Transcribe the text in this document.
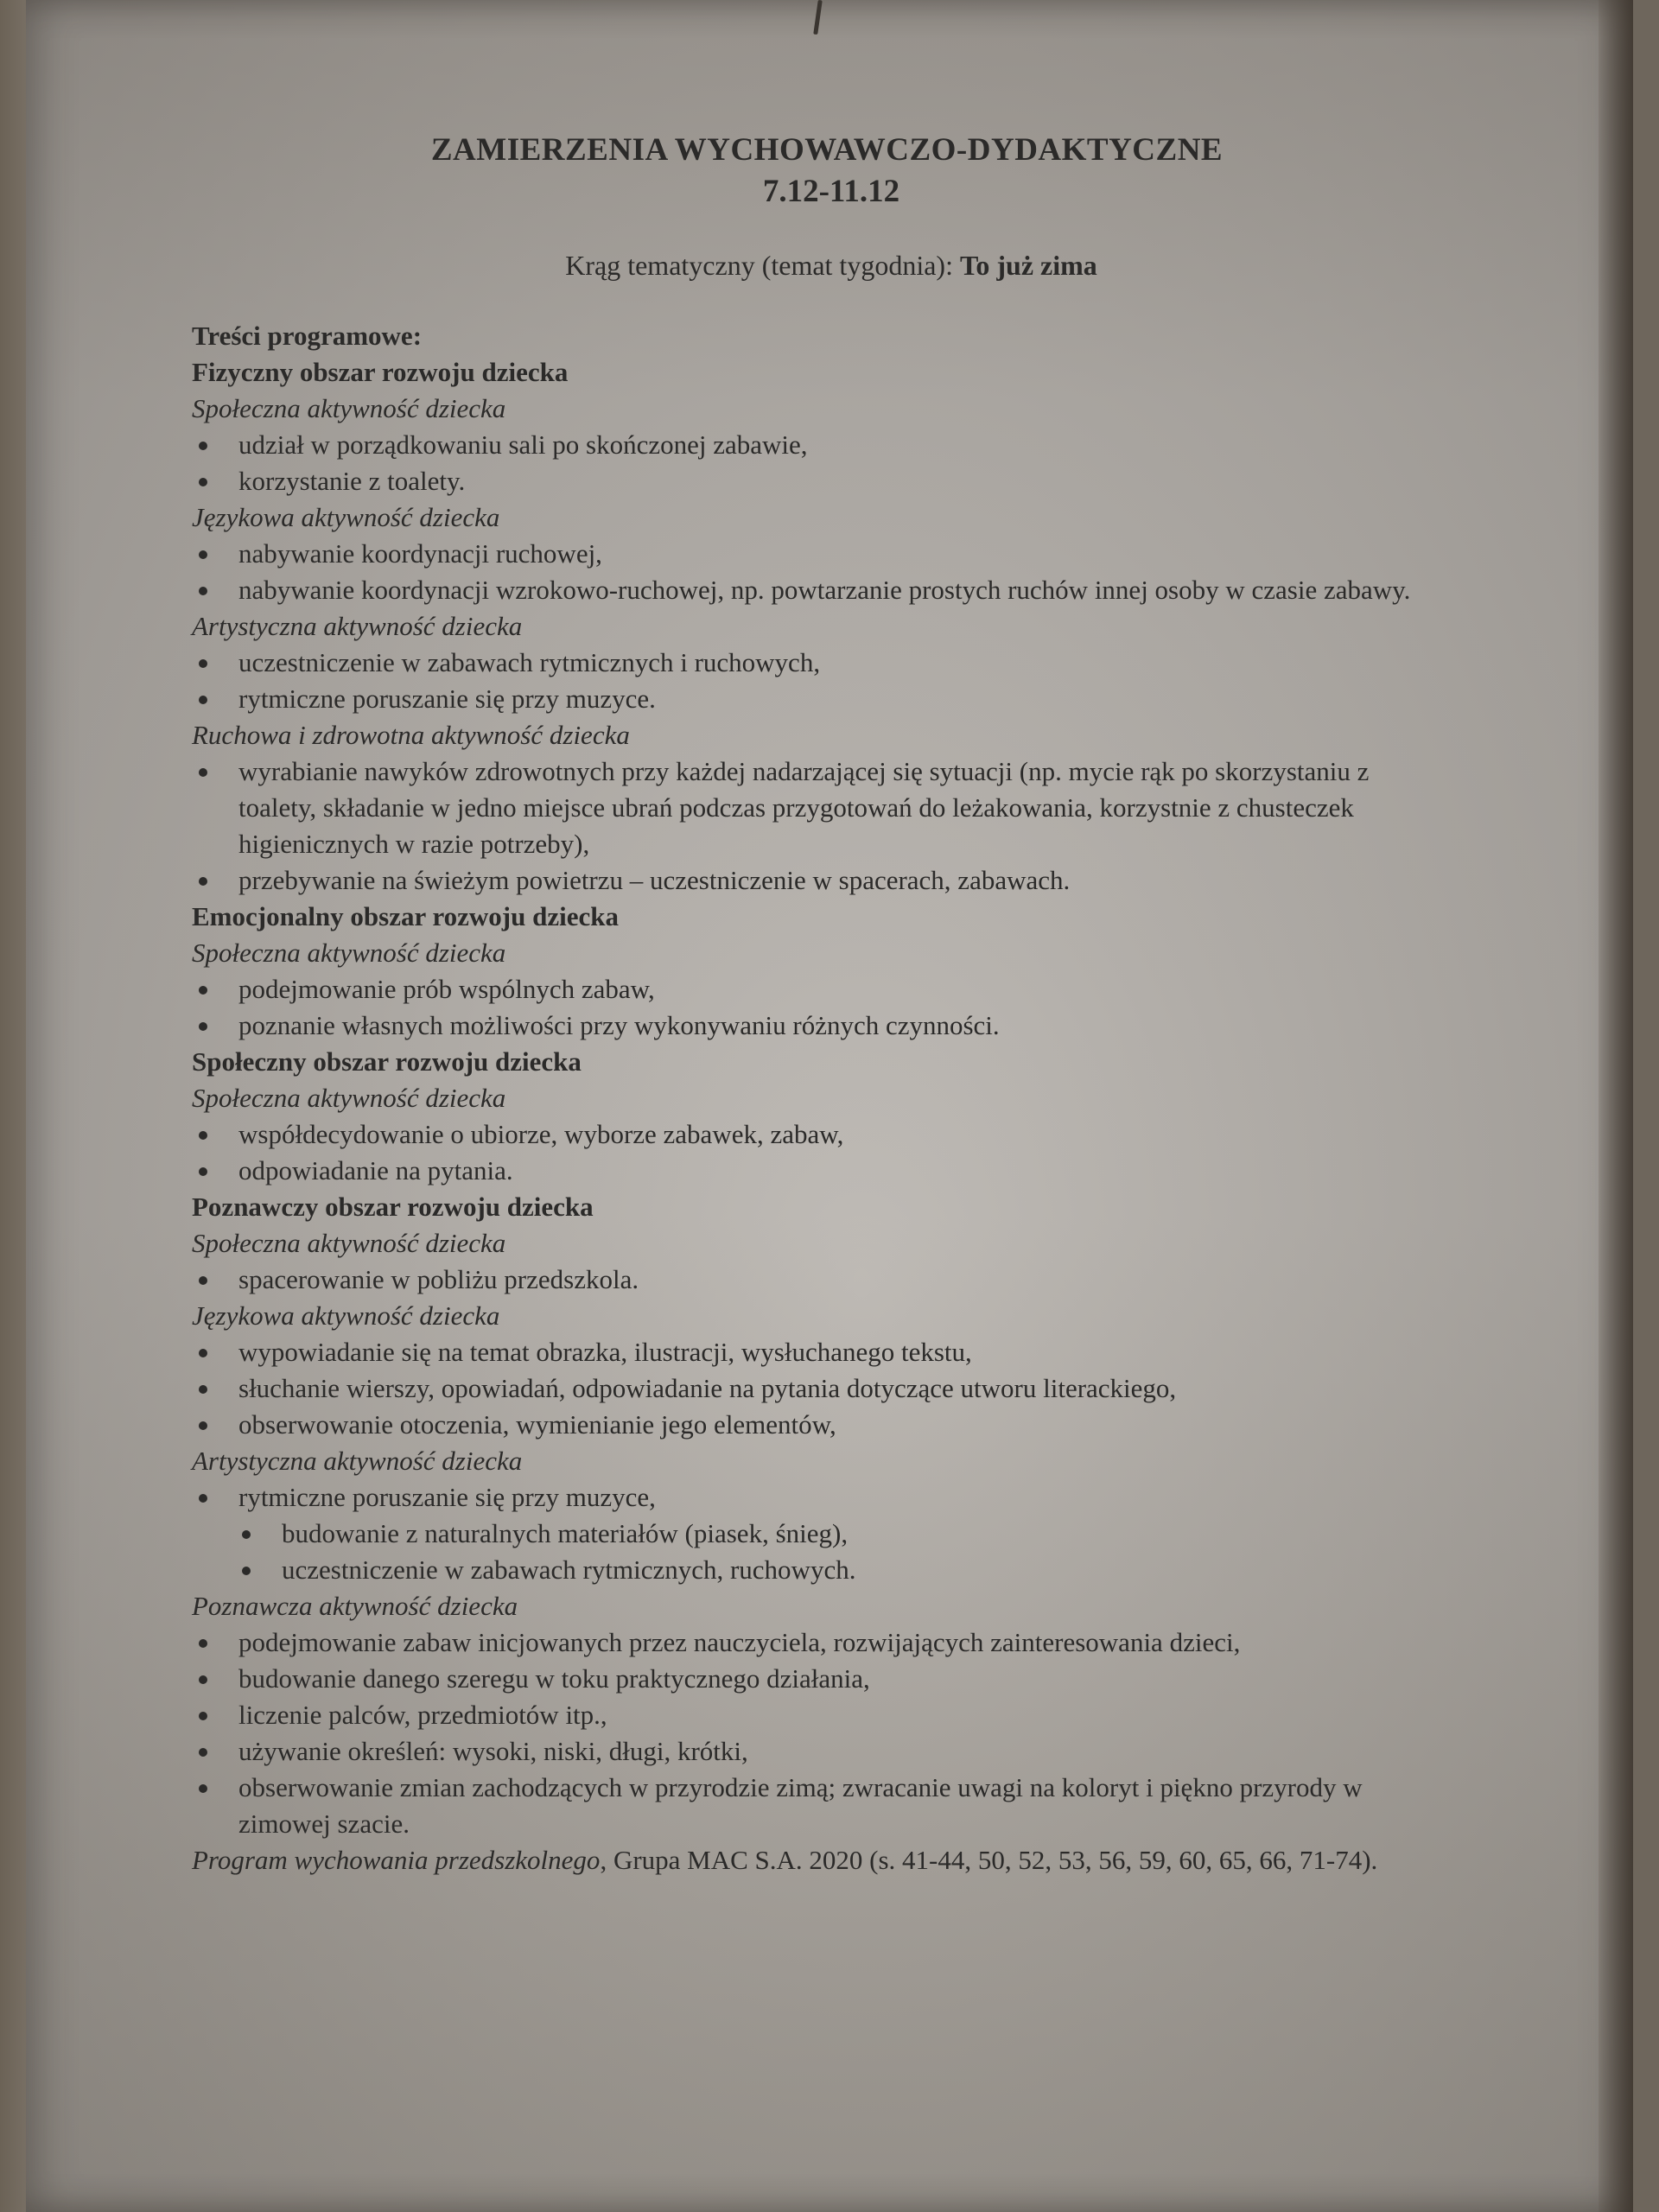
ZAMIERZENIA WYCHOWAWCZO-DYDAKTYCZNE

7.12-11.12

Krąg tematyczny (temat tygodnia): To już zima

Treści programowe:

Fizyczny obszar rozwoju dziecka

Społeczna aktywność dziecka

udział w porządkowaniu sali po skończonej zabawie,
korzystanie z toalety.

Językowa aktywność dziecka

nabywanie koordynacji ruchowej,
nabywanie koordynacji wzrokowo-ruchowej, np. powtarzanie prostych ruchów innej osoby w czasie zabawy.

Artystyczna aktywność dziecka

uczestniczenie w zabawach rytmicznych i ruchowych,
rytmiczne poruszanie się przy muzyce.

Ruchowa i zdrowotna aktywność dziecka

wyrabianie nawyków zdrowotnych przy każdej nadarzającej się sytuacji (np. mycie rąk po skorzystaniu z toalety, składanie w jedno miejsce ubrań podczas przygotowań do leżakowania, korzystnie z chusteczek higienicznych w razie potrzeby),
przebywanie na świeżym powietrzu – uczestniczenie w spacerach, zabawach.

Emocjonalny obszar rozwoju dziecka

Społeczna aktywność dziecka

podejmowanie prób wspólnych zabaw,
poznanie własnych możliwości przy wykonywaniu różnych czynności.

Społeczny obszar rozwoju dziecka

Społeczna aktywność dziecka

współdecydowanie o ubiorze, wyborze zabawek, zabaw,
odpowiadanie na pytania.

Poznawczy obszar rozwoju dziecka

Społeczna aktywność dziecka

spacerowanie w pobliżu przedszkola.

Językowa aktywność dziecka

wypowiadanie się na temat obrazka, ilustracji, wysłuchanego tekstu,
słuchanie wierszy, opowiadań, odpowiadanie na pytania dotyczące utworu literackiego,
obserwowanie otoczenia, wymienianie jego elementów,

Artystyczna aktywność dziecka

rytmiczne poruszanie się przy muzyce,
budowanie z naturalnych materiałów (piasek, śnieg),
uczestniczenie w zabawach rytmicznych, ruchowych.

Poznawcza aktywność dziecka

podejmowanie zabaw inicjowanych przez nauczyciela, rozwijających zainteresowania dzieci,
budowanie danego szeregu w toku praktycznego działania,
liczenie palców, przedmiotów itp.,
używanie określeń: wysoki, niski, długi, krótki,
obserwowanie zmian zachodzących w przyrodzie zimą; zwracanie uwagi na koloryt i piękno przyrody w zimowej szacie.

Program wychowania przedszkolnego, Grupa MAC S.A. 2020 (s. 41-44, 50, 52, 53, 56, 59, 60, 65, 66, 71-74).
